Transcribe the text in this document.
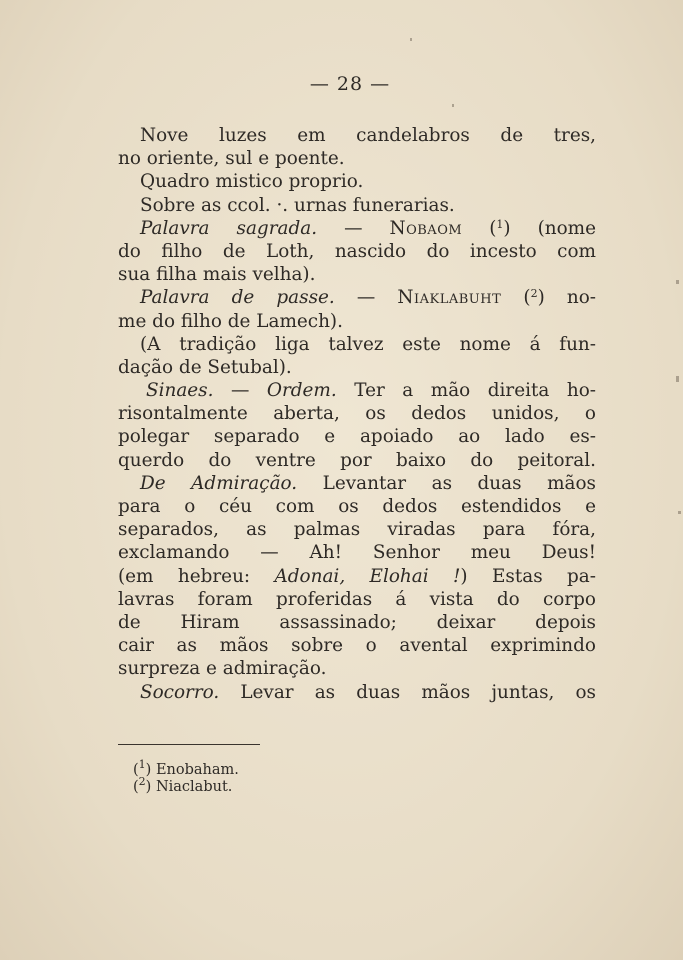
— 28 —
Nove luzes em candelabros de tres,
no oriente, sul e poente.
Quadro mistico proprio.
Sobre as ccol. ·. urnas funerarias.
Palavra sagrada. — Nobaom ($^1$) (nome
do filho de Loth, nascido do incesto com
sua filha mais velha).
Palavra de passe. — Niaklabuht ($^2$) no-
me do filho de Lamech).
(A tradição liga talvez este nome á fun-
dação de Setubal).
Sinaes. — Ordem. Ter a mão direita ho-
risontalmente aberta, os dedos unidos, o
polegar separado e apoiado ao lado es-
querdo do ventre por baixo do peitoral.
De Admiração. Levantar as duas mãos
para o céu com os dedos estendidos e
separados, as palmas viradas para fóra,
exclamando — Ah! Senhor meu Deus!
(em hebreu: Adonai, Elohai !) Estas pa-
lavras foram proferidas á vista do corpo
de Hiram assassinado; deixar depois
cair as mãos sobre o avental exprimindo
surpreza e admiração.
Socorro. Levar as duas mãos juntas, os
($^1$) Enobaham.
($^2$) Niaclabut.
